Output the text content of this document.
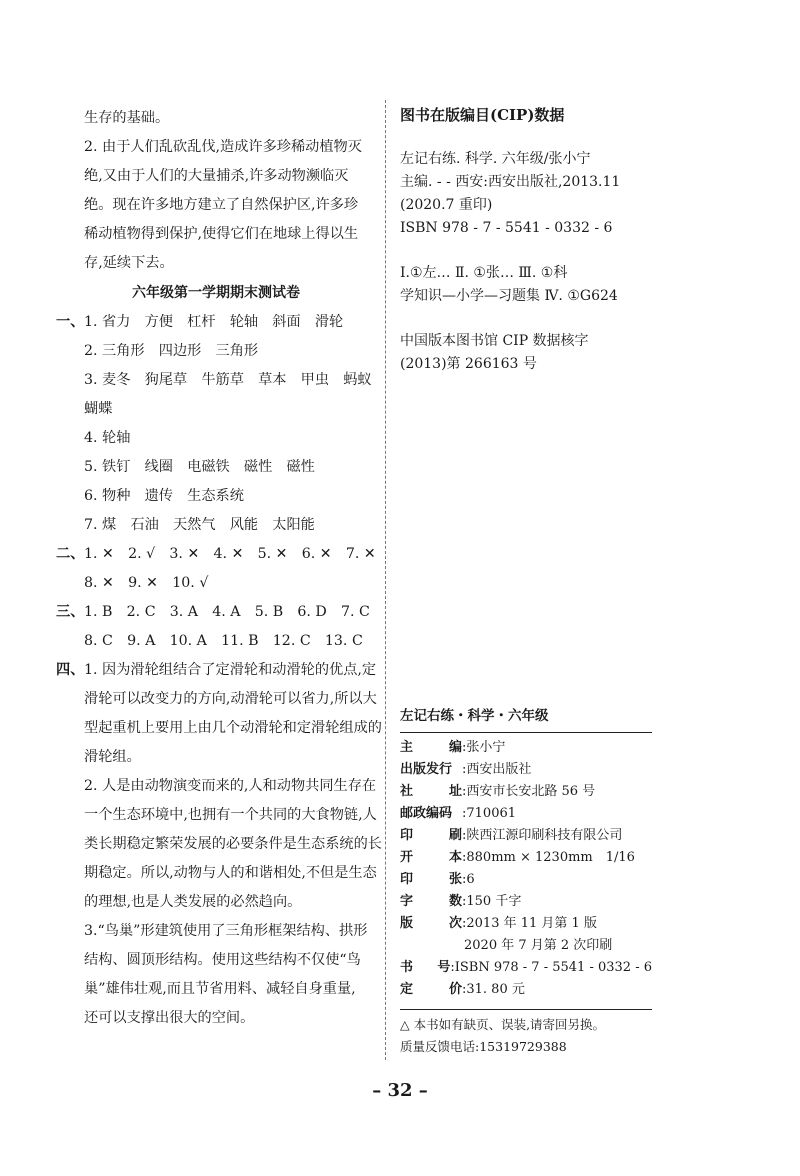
生存的基础。

2. 由于人们乱砍乱伐,造成许多珍稀动植物灭

绝,又由于人们的大量捕杀,许多动物濒临灭

绝。现在许多地方建立了自然保护区,许多珍

稀动植物得到保护,使得它们在地球上得以生

存,延续下去。

六年级第一学期期末测试卷

一、1. 省力　方便　杠杆　轮轴　斜面　滑轮

2. 三角形　四边形　三角形

3. 麦冬　狗尾草　牛筋草　草本　甲虫　蚂蚁

蝴蝶

4. 轮轴

5. 铁钉　线圈　电磁铁　磁性　磁性

6. 物种　遗传　生态系统

7. 煤　石油　天然气　风能　太阳能

二、1. ✕　2. √　3. ✕　4. ✕　5. ✕　6. ✕　7. ✕

8. ✕　9. ✕　10. √

三、1. B　2. C　3. A　4. A　5. B　6. D　7. C

8. C　9. A　10. A　11. B　12. C　13. C

四、1. 因为滑轮组结合了定滑轮和动滑轮的优点,定

滑轮可以改变力的方向,动滑轮可以省力,所以大

型起重机上要用上由几个动滑轮和定滑轮组成的

滑轮组。

2. 人是由动物演变而来的,人和动物共同生存在

一个生态环境中,也拥有一个共同的大食物链,人

类长期稳定繁荣发展的必要条件是生态系统的长

期稳定。所以,动物与人的和谐相处,不但是生态

的理想,也是人类发展的必然趋向。

3.“鸟巢”形建筑使用了三角形框架结构、拱形

结构、圆顶形结构。使用这些结构不仅使“鸟

巢”雄伟壮观,而且节省用料、减轻自身重量,

还可以支撑出很大的空间。

图书在版编目(CIP)数据

左记右练. 科学. 六年级/张小宁

主编. - - 西安:西安出版社,2013.11

(2020.7 重印)

ISBN 978 - 7 - 5541 - 0332 - 6

Ⅰ.①左… Ⅱ. ①张… Ⅲ. ①科

学知识—小学—习题集 Ⅳ. ①G624

中国版本图书馆 CIP 数据核字

(2013)第 266163 号

左记右练・科学・六年级

主	编 :张小宁
出版发行 :西安出版社
社	址 :西安市长安北路 56 号
邮政编码 :710061
印	刷 :陕西江源印刷科技有限公司
开	本 :880mm × 1230mm　1/16
印	张 :6
字	数 :150 千字
版	次 :2013 年 11 月第 1 版

2020 年 7 月第 2 次印刷

书 号 :ISBN 978 - 7 - 5541 - 0332 - 6
定	价 :31. 80 元

△ 本书如有缺页、误装,请寄回另换。

质量反馈电话:15319729388

– 32 –
